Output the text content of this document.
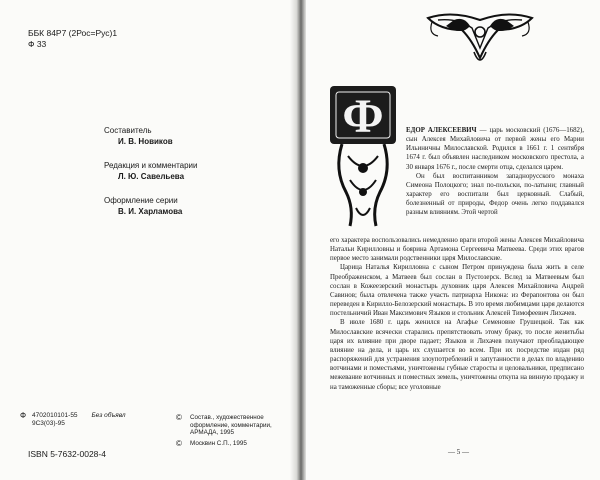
ББК 84Р7 (2Рос=Рус)1
Ф 33
Составитель
И. В. Новиков
Редакция и комментарии
Л. Ю. Савельева
Оформление серии
В. И. Харламова
Ф 4702010101-55 Без объявл
9С3(03)-95
ISBN 5-7632-0028-4
©	Состав., художественное оформление, комментарии, АРМАДА, 1995
©	Москвин С.П., 1995
Ф	ЕДОР АЛЕКСЕЕВИЧ — царь московский (1676—1682), сын Алексея Михайловича от первой жены его Марии Ильиничны Милославской. Родился в 1661 г. 1 сентября 1674 г. был объявлен наследником московского престола, а 30 января 1676 г., после смерти отца, сделался царем.

Он был воспитанником западнорусского монаха Симеона Полоцкого; знал по-польски, по-латыни; главный характер его воспитали был церковный. Слабый, болезненный от природы, Федор очень легко поддавался разным влияниям. Этой чертой

его характера воспользовались немедленно враги второй жены Алексея Михайловича Натальи Кирилловны и боярина Артамона Сергеевича Матвеева. Среди этих врагов первое место занимали родственники царя Милославские.

Царица Наталья Кирилловна с сыном Петром принуждена была жить в селе Преображенском, а Матвеев был сослан в Пустозерск. Вслед за Матвеевым был сослан в Кожеезерский монастырь духовник царя Алексея Михайловича Андрей Савинов; была отвлечена также участь патриарха Никона: из Ферапонтова он был переведен в Кирилло-Белозерский монастырь. В это время любимцами царя делаются постельничий Иван Максимович Языков и стольник Алексей Тимофеевич Лихачев.

В июле 1680 г. царь женился на Агафье Семеновне Грушецкой. Так как Милославские всячески старались препятствовать этому браку, то после женитьбы царя их влияние при дворе падает; Языков и Лихачев получают преобладающее влияние на дела, и царь их слушается во всем. При их посредстве издан ряд распоряжений для устранения злоупотреблений и запутанности в делах по владению вотчинами и поместьями, уничтожены губные старосты и целовальники, предписано межевание вотчинных и поместных земель, уничтожены откупа на винную продажу и на таможенные сборы; все уголовные

— 5 —
